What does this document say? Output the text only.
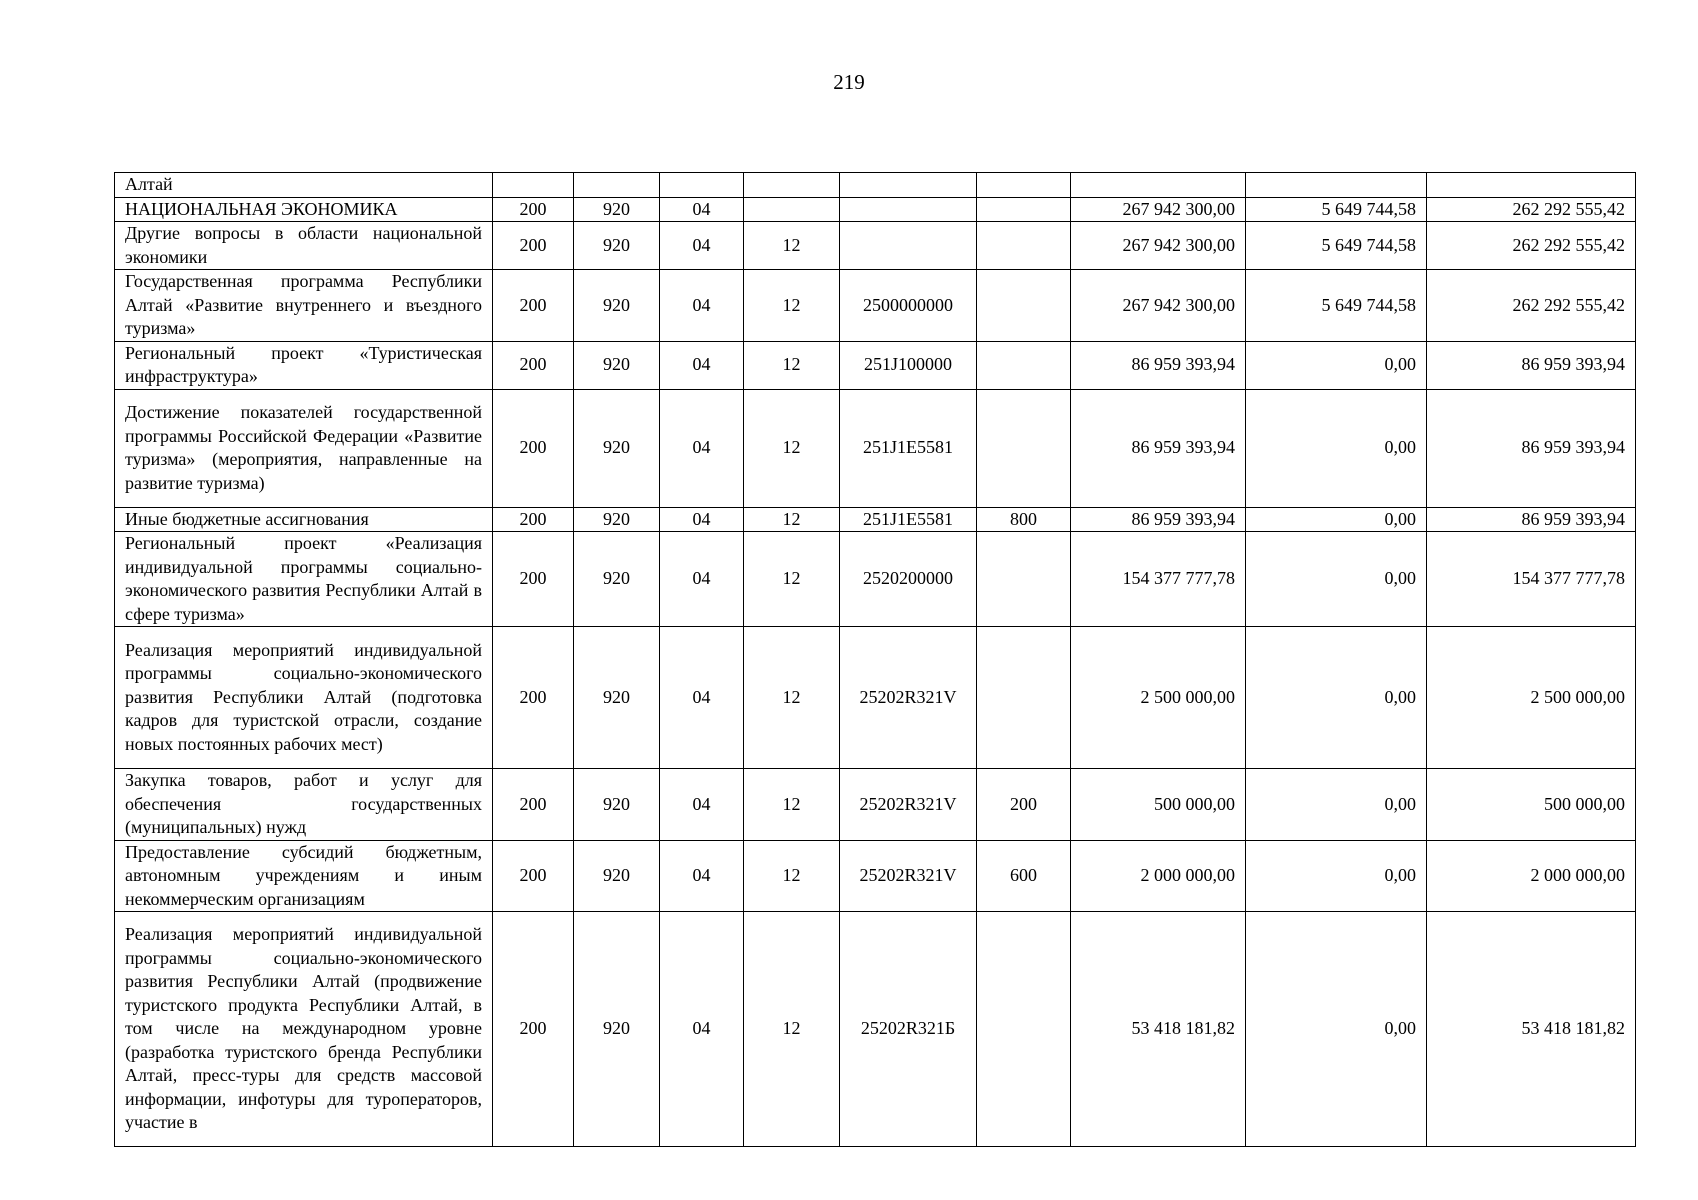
219
Алтай									
НАЦИОНАЛЬНАЯ ЭКОНОМИКА	200	920	04				267 942 300,00	5 649 744,58	262 292 555,42
Другие вопросы в области национальной экономики	200	920	04	12			267 942 300,00	5 649 744,58	262 292 555,42
Государственная программа Республики Алтай «Развитие внутреннего и въездного туризма»	200	920	04	12	2500000000		267 942 300,00	5 649 744,58	262 292 555,42
Региональный проект «Туристическая инфраструктура»	200	920	04	12	251J100000		86 959 393,94	0,00	86 959 393,94
Достижение показателей государственной программы Российской Федерации «Развитие туризма» (мероприятия, направленные на развитие туризма)	200	920	04	12	251J1E5581		86 959 393,94	0,00	86 959 393,94
Иные бюджетные ассигнования	200	920	04	12	251J1E5581	800	86 959 393,94	0,00	86 959 393,94
Региональный проект «Реализация индивидуальной программы социально-экономического развития Республики Алтай в сфере туризма»	200	920	04	12	2520200000		154 377 777,78	0,00	154 377 777,78
Реализация мероприятий индивидуальной программы социально-экономического развития Республики Алтай (подготовка кадров для туристской отрасли, создание новых постоянных рабочих мест)	200	920	04	12	25202R321V		2 500 000,00	0,00	2 500 000,00
Закупка товаров, работ и услуг для обеспечения государственных (муниципальных) нужд	200	920	04	12	25202R321V	200	500 000,00	0,00	500 000,00
Предоставление субсидий бюджетным, автономным учреждениям и иным некоммерческим организациям	200	920	04	12	25202R321V	600	2 000 000,00	0,00	2 000 000,00
Реализация мероприятий индивидуальной программы социально-экономического развития Республики Алтай (продвижение туристского продукта Республики Алтай, в том числе на международном уровне (разработка туристского бренда Республики Алтай, пресс-туры для средств массовой информации, инфотуры для туроператоров, участие в	200	920	04	12	25202R321Б		53 418 181,82	0,00	53 418 181,82
